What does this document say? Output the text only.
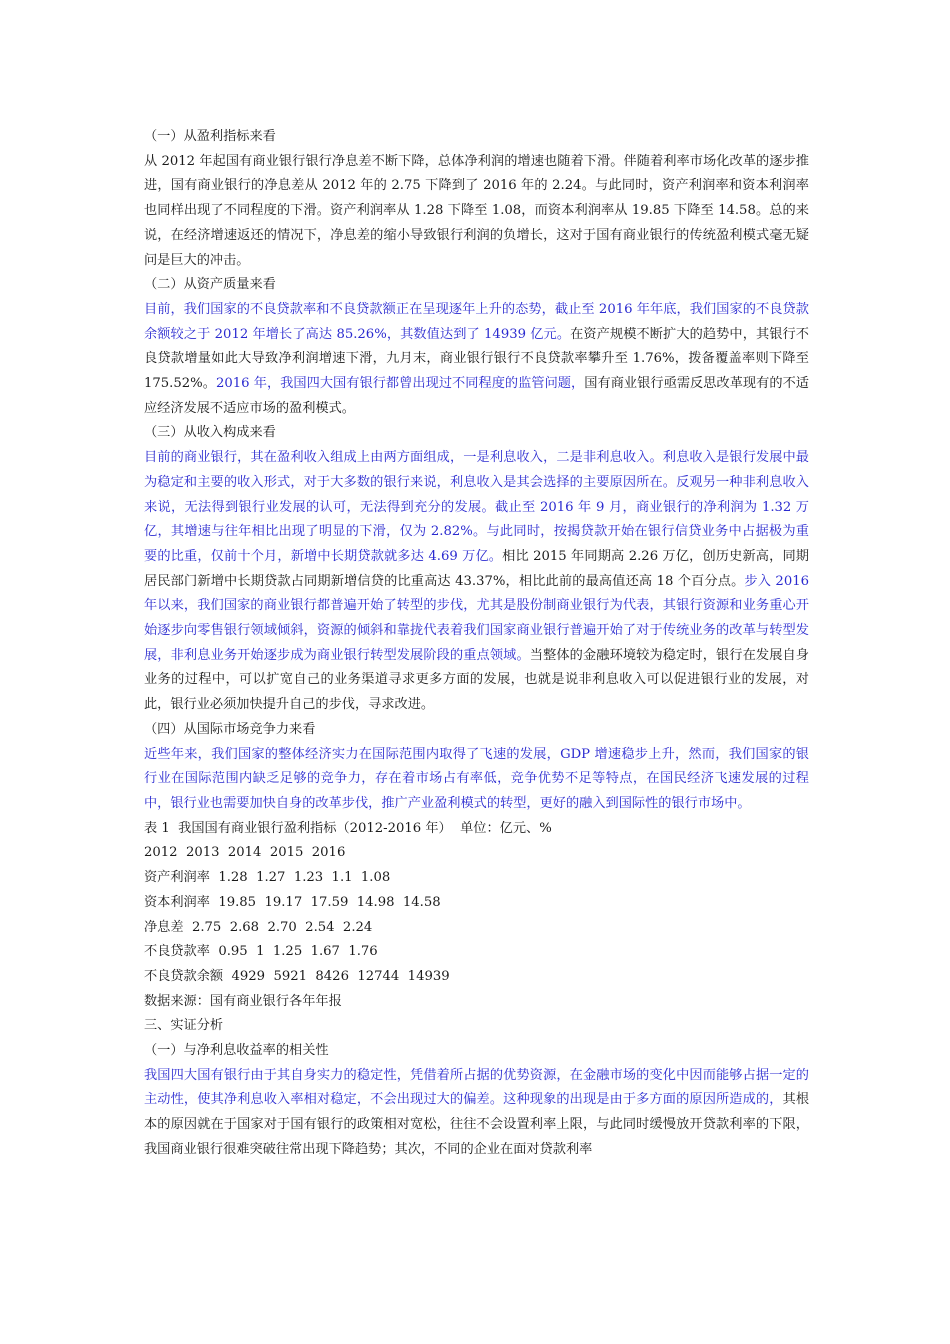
（一）从盈利指标来看

从 2012 年起国有商业银行银行净息差不断下降，总体净利润的增速也随着下滑。伴随着利率市场化改革的逐步推进，国有商业银行的净息差从 2012 年的 2.75 下降到了 2016 年的 2.24。与此同时，资产利润率和资本利润率也同样出现了不同程度的下滑。资产利润率从 1.28 下降至 1.08，而资本利润率从 19.85 下降至 14.58。总的来说，在经济增速返还的情况下，净息差的缩小导致银行利润的负增长，这对于国有商业银行的传统盈利模式毫无疑问是巨大的冲击。

（二）从资产质量来看

目前，我们国家的不良贷款率和不良贷款额正在呈现逐年上升的态势，截止至 2016 年年底，我们国家的不良贷款余额较之于 2012 年增长了高达 85.26%，其数值达到了 14939 亿元。在资产规模不断扩大的趋势中，其银行不良贷款增量如此大导致净利润增速下滑，九月末，商业银行银行不良贷款率攀升至 1.76%，拨备覆盖率则下降至 175.52%。2016 年，我国四大国有银行都曾出现过不同程度的监管问题，国有商业银行亟需反思改革现有的不适应经济发展不适应市场的盈利模式。

（三）从收入构成来看

目前的商业银行，其在盈利收入组成上由两方面组成，一是利息收入，二是非利息收入。利息收入是银行发展中最为稳定和主要的收入形式，对于大多数的银行来说，利息收入是其会选择的主要原因所在。反观另一种非利息收入来说，无法得到银行业发展的认可，无法得到充分的发展。截止至 2016 年 9 月，商业银行的净利润为 1.32 万亿，其增速与往年相比出现了明显的下滑，仅为 2.82%。与此同时，按揭贷款开始在银行信贷业务中占据极为重要的比重，仅前十个月，新增中长期贷款就多达 4.69 万亿。相比 2015 年同期高 2.26 万亿，创历史新高，同期居民部门新增中长期贷款占同期新增信贷的比重高达 43.37%，相比此前的最高值还高 18 个百分点。步入 2016 年以来，我们国家的商业银行都普遍开始了转型的步伐，尤其是股份制商业银行为代表，其银行资源和业务重心开始逐步向零售银行领域倾斜，资源的倾斜和靠拢代表着我们国家商业银行普遍开始了对于传统业务的改革与转型发展，非利息业务开始逐步成为商业银行转型发展阶段的重点领域。当整体的金融环境较为稳定时，银行在发展自身业务的过程中，可以扩宽自己的业务渠道寻求更多方面的发展，也就是说非利息收入可以促进银行业的发展，对此，银行业必须加快提升自己的步伐，寻求改进。

（四）从国际市场竞争力来看

近些年来，我们国家的整体经济实力在国际范围内取得了飞速的发展，GDP 增速稳步上升，然而，我们国家的银行业在国际范围内缺乏足够的竞争力，存在着市场占有率低，竞争优势不足等特点，在国民经济飞速发展的过程中，银行业也需要加快自身的改革步伐，推广产业盈利模式的转型，更好的融入到国际性的银行市场中。

表 1  我国国有商业银行盈利指标（2012-2016 年）  单位：亿元、%
2012  2013  2014  2015  2016
资产利润率  1.28  1.27  1.23  1.1  1.08
资本利润率  19.85  19.17  17.59  14.98  14.58
净息差  2.75  2.68  2.70  2.54  2.24
不良贷款率  0.95  1  1.25  1.67  1.76
不良贷款余额  4929  5921  8426  12744  14939
数据来源：国有商业银行各年年报

三、实证分析

（一）与净利息收益率的相关性

我国四大国有银行由于其自身实力的稳定性，凭借着所占据的优势资源，在金融市场的变化中因而能够占据一定的主动性，使其净利息收入率相对稳定，不会出现过大的偏差。这种现象的出现是由于多方面的原因所造成的，其根本的原因就在于国家对于国有银行的政策相对宽松，往往不会设置利率上限，与此同时缓慢放开贷款利率的下限，我国商业银行很难突破往常出现下降趋势；其次，不同的企业在面对贷款利率
